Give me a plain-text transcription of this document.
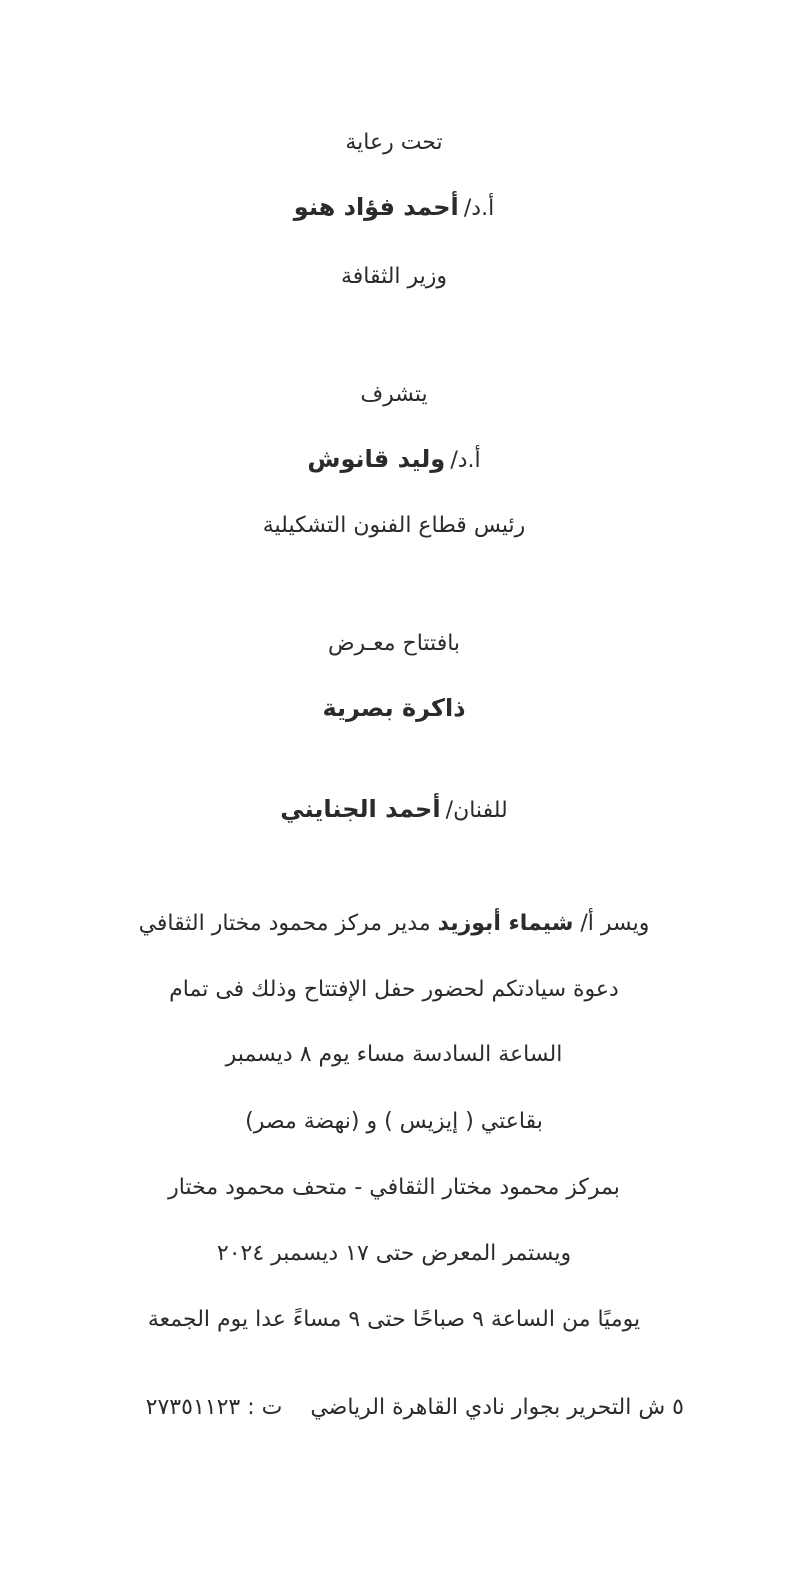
تحت رعاية
أ.د/ أحمد فؤاد هنو
وزير الثقافة
يتشرف
أ.د/ وليد قانوش
رئيس قطاع الفنون التشكيلية
بافتتاح معـرض
ذاكرة بصرية
للفنان/ أحمد الجنايني
ويسر أ/ شيماء أبوزيد مدير مركز محمود مختار الثقافي
دعوة سيادتكم لحضور حفل الإفتتاح وذلك فى تمام
الساعة السادسة مساء يوم ٨ ديسمبر
بقاعتي ( إيزيس ) و (نهضة مصر)
بمركز محمود مختار الثقافي - متحف محمود مختار
ويستمر المعرض حتى ١٧ ديسمبر ٢٠٢٤
يوميًا من الساعة ٩ صباحًا حتى ٩ مساءً عدا يوم الجمعة
٥ ش التحرير بجوار نادي القاهرة الرياضيت : ٢٧٣٥١١٢٣
